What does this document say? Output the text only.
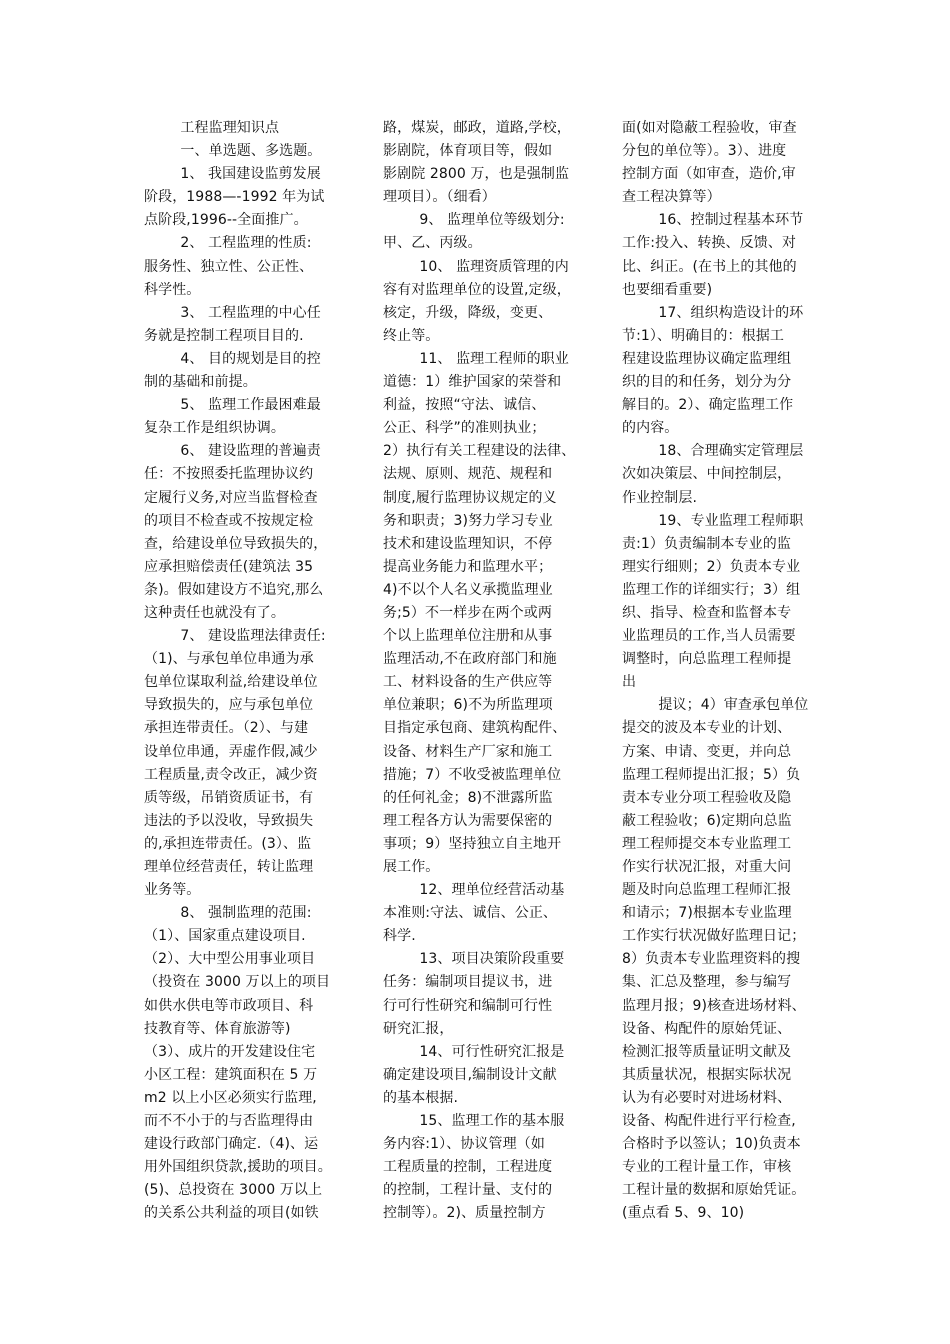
工程监理知识点
一、单选题、多选题。
1、 我国建设监剪发展
阶段，1988—-1992 年为试
点阶段,1996--全面推广。
2、 工程监理的性质:
服务性、独立性、公正性、
科学性。
3、 工程监理的中心任
务就是控制工程项目目的.
4、 目的规划是目的控
制的基础和前提。
5、 监理工作最困难最
复杂工作是组织协调。
6、 建设监理的普遍责
任：不按照委托监理协议约
定履行义务,对应当监督检查
的项目不检查或不按规定检
查，给建设单位导致损失的，
应承担赔偿责任(建筑法 35
条)。假如建设方不追究,那么
这种责任也就没有了。
7、 建设监理法律责任:
（1)、与承包单位串通为承
包单位谋取利益,给建设单位
导致损失的，应与承包单位
承担连带责任。（2）、与建
设单位串通，弄虚作假,减少
工程质量,责令改正，减少资
质等级，吊销资质证书，有
违法的予以没收，导致损失
的,承担连带责任。(3）、监
理单位经营责任，转让监理
业务等。
8、 强制监理的范围:
（1）、国家重点建设项目.
（2）、大中型公用事业项目
（投资在 3000 万以上的项目
如供水供电等市政项目、科
技教育等、体育旅游等)
（3）、成片的开发建设住宅
小区工程：建筑面积在 5 万
m2 以上小区必须实行监理,
而不不小于的与否监理得由
建设行政部门确定.（4)、运
用外国组织贷款,援助的项目。
(5)、总投资在 3000 万以上
的关系公共利益的项目(如铁
路，煤炭，邮政，道路,学校，
影剧院，体育项目等，假如
影剧院 2800 万，也是强制监
理项目）。（细看）
9、 监理单位等级划分:
甲、乙、丙级。
10、 监理资质管理的内
容有对监理单位的设置,定级，
核定，升级，降级，变更、
终止等。
11、 监理工程师的职业
道德：1）维护国家的荣誉和
利益，按照“守法、诚信、
公正、科学”的准则执业；
2）执行有关工程建设的法律、
法规、原则、规范、规程和
制度,履行监理协议规定的义
务和职责；3)努力学习专业
技术和建设监理知识，不停
提高业务能力和监理水平；
4)不以个人名义承揽监理业
务;5）不一样步在两个或两
个以上监理单位注册和从事
监理活动,不在政府部门和施
工、材料设备的生产供应等
单位兼职；6)不为所监理项
目指定承包商、建筑构配件、
设备、材料生产厂家和施工
措施；7）不收受被监理单位
的任何礼金；8)不泄露所监
理工程各方认为需要保密的
事项；9）坚持独立自主地开
展工作。
12、理单位经营活动基
本准则:守法、诚信、公正、
科学.
13、项目决策阶段重要
任务：编制项目提议书，进
行可行性研究和编制可行性
研究汇报，
14、可行性研究汇报是
确定建设项目,编制设计文献
的基本根据.
15、监理工作的基本服
务内容:1）、协议管理（如
工程质量的控制，工程进度
的控制，工程计量、支付的
控制等）。2)、质量控制方
面(如对隐蔽工程验收，审查
分包的单位等）。3）、进度
控制方面（如审查，造价,审
查工程决算等）
16、控制过程基本环节
工作:投入、转换、反馈、对
比、纠正。(在书上的其他的
也要细看重要)
17、组织构造设计的环
节:1）、明确目的：根据工
程建设监理协议确定监理组
织的目的和任务，划分为分
解目的。2）、确定监理工作
的内容。
18、合理确实定管理层
次如决策层、中间控制层，
作业控制层.
19、专业监理工程师职
责:1）负责编制本专业的监
理实行细则；2）负责本专业
监理工作的详细实行；3）组
织、指导、检查和监督本专
业监理员的工作,当人员需要
调整时，向总监理工程师提
出
提议；4）审查承包单位
提交的波及本专业的计划、
方案、申请、变更，并向总
监理工程师提出汇报；5）负
责本专业分项工程验收及隐
蔽工程验收；6)定期向总监
理工程师提交本专业监理工
作实行状况汇报，对重大问
题及时向总监理工程师汇报
和请示；7)根据本专业监理
工作实行状况做好监理日记；
8）负责本专业监理资料的搜
集、汇总及整理，参与编写
监理月报；9)核查进场材料、
设备、构配件的原始凭证、
检测汇报等质量证明文献及
其质量状况，根据实际状况
认为有必要时对进场材料、
设备、构配件进行平行检查,
合格时予以签认；10)负责本
专业的工程计量工作，审核
工程计量的数据和原始凭证。
(重点看 5、9、10)
